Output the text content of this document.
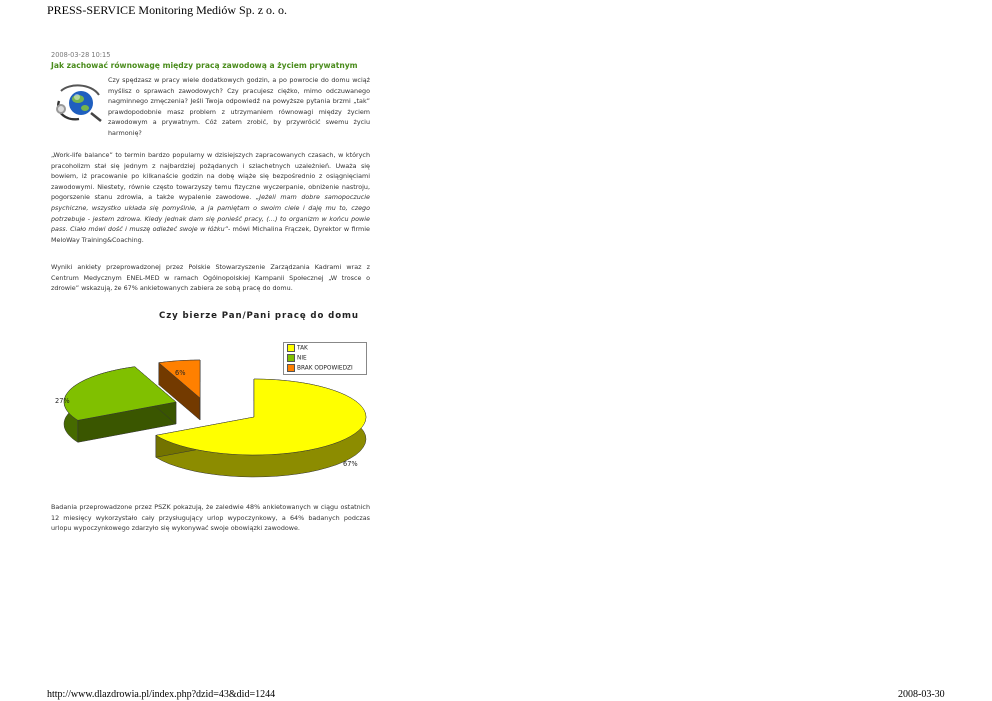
PRESS-SERVICE Monitoring Mediów Sp. z o. o.
2008-03-28 10:15
Jak zachować równowagę między pracą zawodową a życiem prywatnym
Czy spędzasz w pracy wiele dodatkowych godzin, a po powrocie do domu wciąż myślisz o sprawach zawodowych? Czy pracujesz ciężko, mimo odczuwanego nagminnego zmęczenia? Jeśli Twoja odpowiedź na powyższe pytania brzmi „tak” prawdopodobnie masz problem z utrzymaniem równowagi między życiem zawodowym a prywatnym. Cóż zatem zrobić, by przywrócić swemu życiu harmonię?
„Work-life balance” to termin bardzo popularny w dzisiejszych zapracowanych czasach, w których pracoholizm stał się jednym z najbardziej pożądanych i szlachetnych uzależnień. Uważa się bowiem, iż pracowanie po kilkanaście godzin na dobę wiąże się bezpośrednio z osiągnięciami zawodowymi. Niestety, równie często towarzyszy temu fizyczne wyczerpanie, obniżenie nastroju, pogorszenie stanu zdrowia, a także wypalenie zawodowe. „Jeżeli mam dobre samopoczucie psychiczne, wszystko układa się pomyślnie, a ja pamiętam o swoim ciele i daję mu to, czego potrzebuje - jestem zdrowa. Kiedy jednak dam się ponieść pracy, (...) to organizm w końcu powie pass. Ciało mówi dość i muszę odleżeć swoje w łóżku”- mówi Michalina Frączek, Dyrektor w firmie MeloWay Training&Coaching.
Wyniki ankiety przeprowadzonej przez Polskie Stowarzyszenie Zarządzania Kadrami wraz z Centrum Medycznym ENEL-MED w ramach Ogólnopolskiej Kampanii Społecznej „W trosce o zdrowie” wskazują, że 67% ankietowanych zabiera ze sobą pracę do domu.
Czy bierze Pan/Pani pracę do domu
TAK
NIE
BRAK ODPOWIEDZI
67%
27%
6%
Badania przeprowadzone przez PSZK pokazują, że zaledwie 48% ankietowanych w ciągu ostatnich 12 miesięcy wykorzystało cały przysługujący urlop wypoczynkowy, a 64% badanych podczas urlopu wypoczynkowego zdarzyło się wykonywać swoje obowiązki zawodowe.
http://www.dlazdrowia.pl/index.php?dzid=43&did=1244	2008-03-30
